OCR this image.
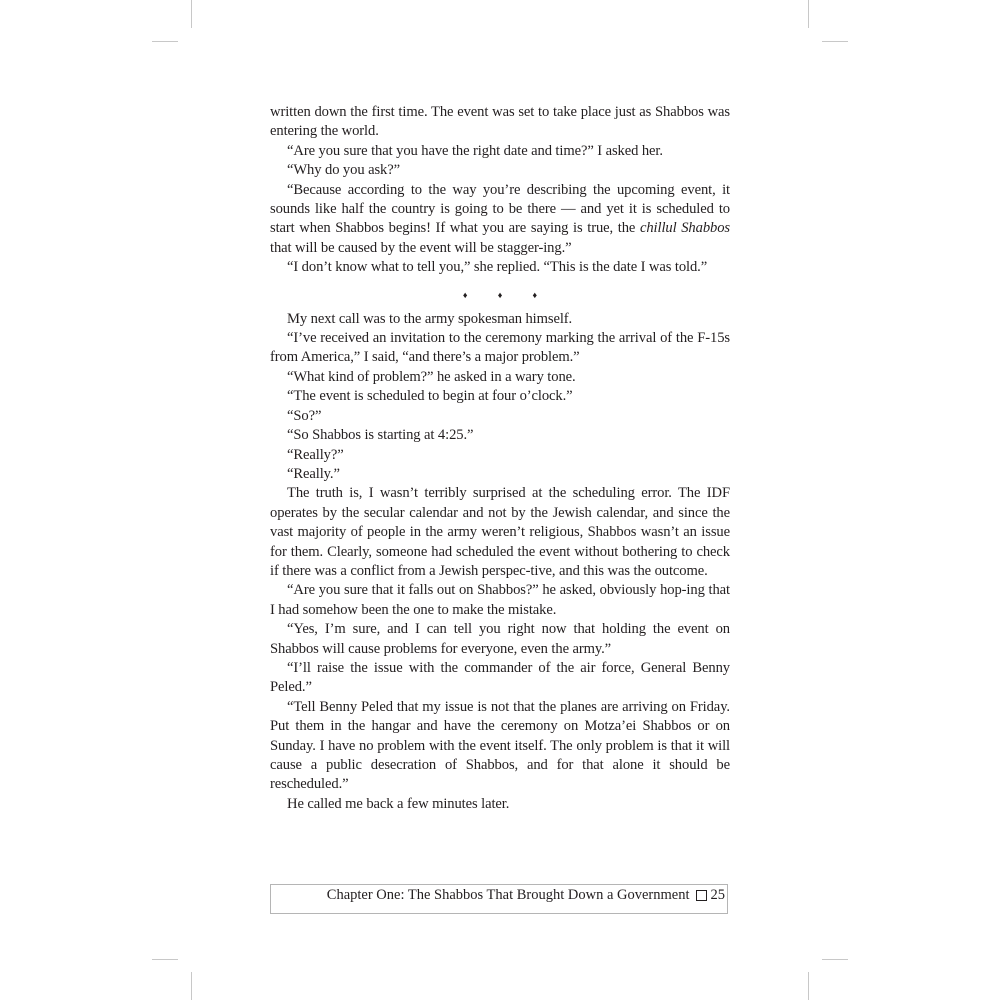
written down the first time. The event was set to take place just as Shabbos was entering the world.

“Are you sure that you have the right date and time?” I asked her.

“Why do you ask?”

“Because according to the way you’re describing the upcoming event, it sounds like half the country is going to be there — and yet it is scheduled to start when Shabbos begins! If what you are saying is true, the chillul Shabbos that will be caused by the event will be stagger-ing.”

“I don’t know what to tell you,” she replied. “This is the date I was told.”

♦ ♦ ♦

My next call was to the army spokesman himself.

“I’ve received an invitation to the ceremony marking the arrival of the F-15s from America,” I said, “and there’s a major problem.”

“What kind of problem?” he asked in a wary tone.

“The event is scheduled to begin at four o’clock.”

“So?”

“So Shabbos is starting at 4:25.”

“Really?”

“Really.”

The truth is, I wasn’t terribly surprised at the scheduling error. The IDF operates by the secular calendar and not by the Jewish calendar, and since the vast majority of people in the army weren’t religious, Shabbos wasn’t an issue for them. Clearly, someone had scheduled the event without bothering to check if there was a conflict from a Jewish perspec-tive, and this was the outcome.

“Are you sure that it falls out on Shabbos?” he asked, obviously hop-ing that I had somehow been the one to make the mistake.

“Yes, I’m sure, and I can tell you right now that holding the event on Shabbos will cause problems for everyone, even the army.”

“I’ll raise the issue with the commander of the air force, General Benny Peled.”

“Tell Benny Peled that my issue is not that the planes are arriving on Friday. Put them in the hangar and have the ceremony on Motza’ei Shabbos or on Sunday. I have no problem with the event itself. The only problem is that it will cause a public desecration of Shabbos, and for that alone it should be rescheduled.”

He called me back a few minutes later.

Chapter One: The Shabbos That Brought Down a Government 25
